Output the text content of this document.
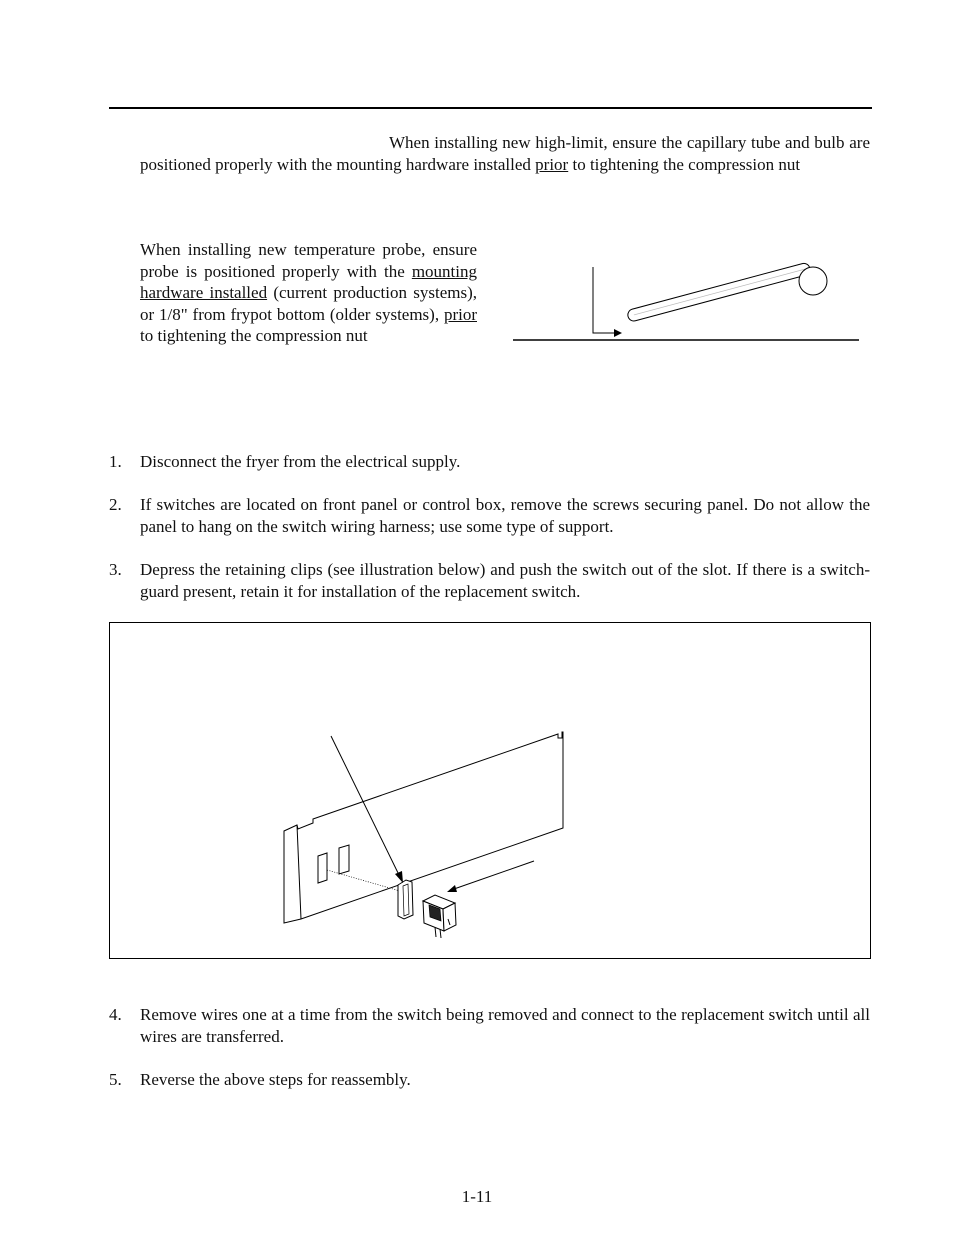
When installing new high-limit, ensure the capillary tube and bulb are positioned properly with the mounting hardware installed prior to tightening the compression nut

When installing new temperature probe, ensure probe is positioned properly with the mounting hardware installed (current production systems), or 1/8" from frypot bottom (older systems), prior to tightening the compression nut

1.	Disconnect the fryer from the electrical supply.
2.	If switches are located on front panel or control box, remove the screws securing panel. Do not allow the panel to hang on the switch wiring harness; use some type of support.
3.	Depress the retaining clips (see illustration below) and push the switch out of the slot. If there is a switch-guard present, retain it for installation of the replacement switch.
4.	Remove wires one at a time from the switch being removed and connect to the replacement switch until all wires are transferred.
5.	Reverse the above steps for reassembly.
1-11
